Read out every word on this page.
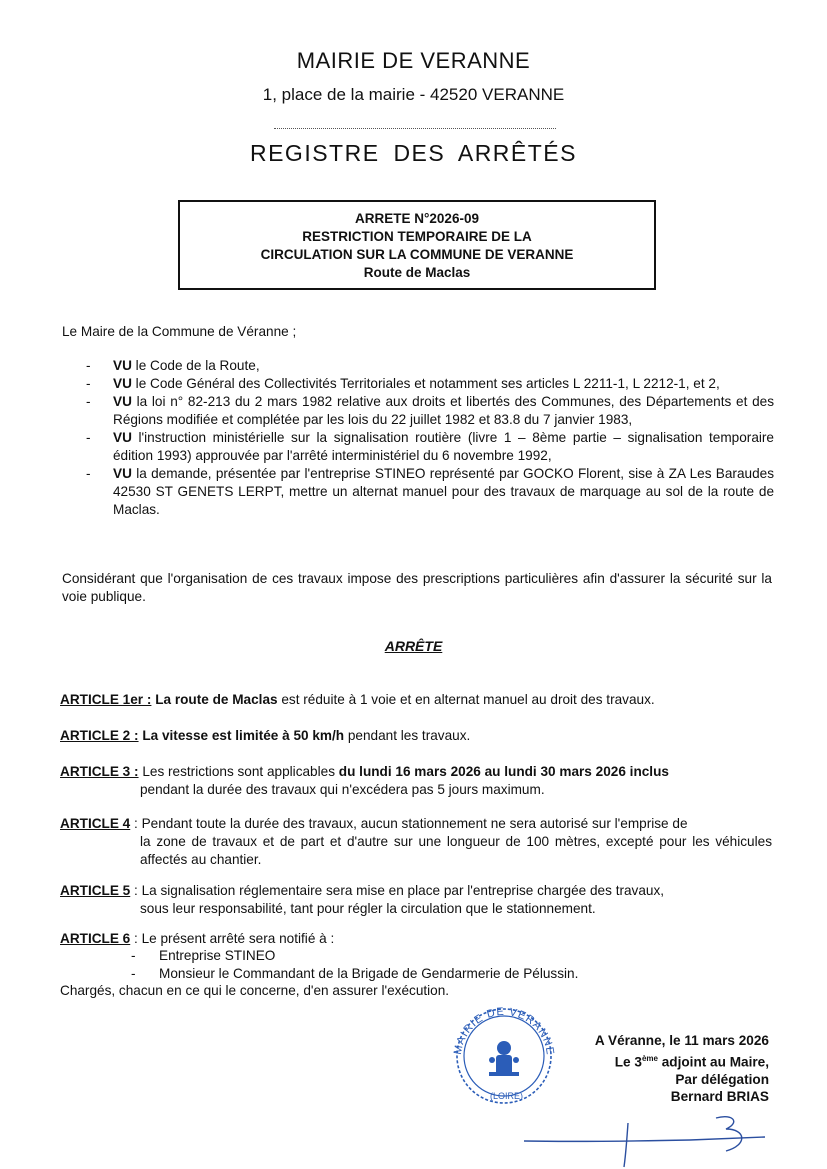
MAIRIE DE VERANNE
1, place de la mairie - 42520 VERANNE
REGISTRE DES ARRÊTÉS
ARRETE N°2026-09
RESTRICTION TEMPORAIRE DE LA
CIRCULATION SUR LA COMMUNE DE VERANNE
Route de Maclas
Le Maire de la Commune de Véranne ;
- VU le Code de la Route,
- VU le Code Général des Collectivités Territoriales et notamment ses articles L 2211-1, L 2212-1, et 2,
- VU la loi n° 82-213 du 2 mars 1982 relative aux droits et libertés des Communes, des Départements et des Régions modifiée et complétée par les lois du 22 juillet 1982 et 83.8 du 7 janvier 1983,
- VU l'instruction ministérielle sur la signalisation routière (livre 1 – 8ème partie – signalisation temporaire édition 1993) approuvée par l'arrêté interministériel du 6 novembre 1992,
- VU la demande, présentée par l'entreprise STINEO représenté par GOCKO Florent, sise à ZA Les Baraudes 42530 ST GENETS LERPT, mettre un alternat manuel pour des travaux de marquage au sol de la route de Maclas.
Considérant que l'organisation de ces travaux impose des prescriptions particulières afin d'assurer la sécurité sur la voie publique.
ARRÊTE
ARTICLE 1er : La route de Maclas est réduite à 1 voie et en alternat manuel au droit des travaux.
ARTICLE 2 : La vitesse est limitée à 50 km/h pendant les travaux.
ARTICLE 3 : Les restrictions sont applicables du lundi 16 mars 2026 au lundi 30 mars 2026 inclus
pendant la durée des travaux qui n'excédera pas 5 jours maximum.
ARTICLE 4 : Pendant toute la durée des travaux, aucun stationnement ne sera autorisé sur l'emprise de
la zone de travaux et de part et d'autre sur une longueur de 100 mètres, excepté pour les véhicules affectés au chantier.
ARTICLE 5 : La signalisation réglementaire sera mise en place par l'entreprise chargée des travaux,
sous leur responsabilité, tant pour régler la circulation que le stationnement.
ARTICLE 6 : Le présent arrêté sera notifié à :
- Entreprise STINEO
- Monsieur le Commandant de la Brigade de Gendarmerie de Pélussin.
Chargés, chacun en ce qui le concerne, d'en assurer l'exécution.
MAIRIE DE VERANNE
(LOIRE)
A Véranne, le 11 mars 2026
Le 3ème adjoint au Maire,
Par délégation
Bernard BRIAS
